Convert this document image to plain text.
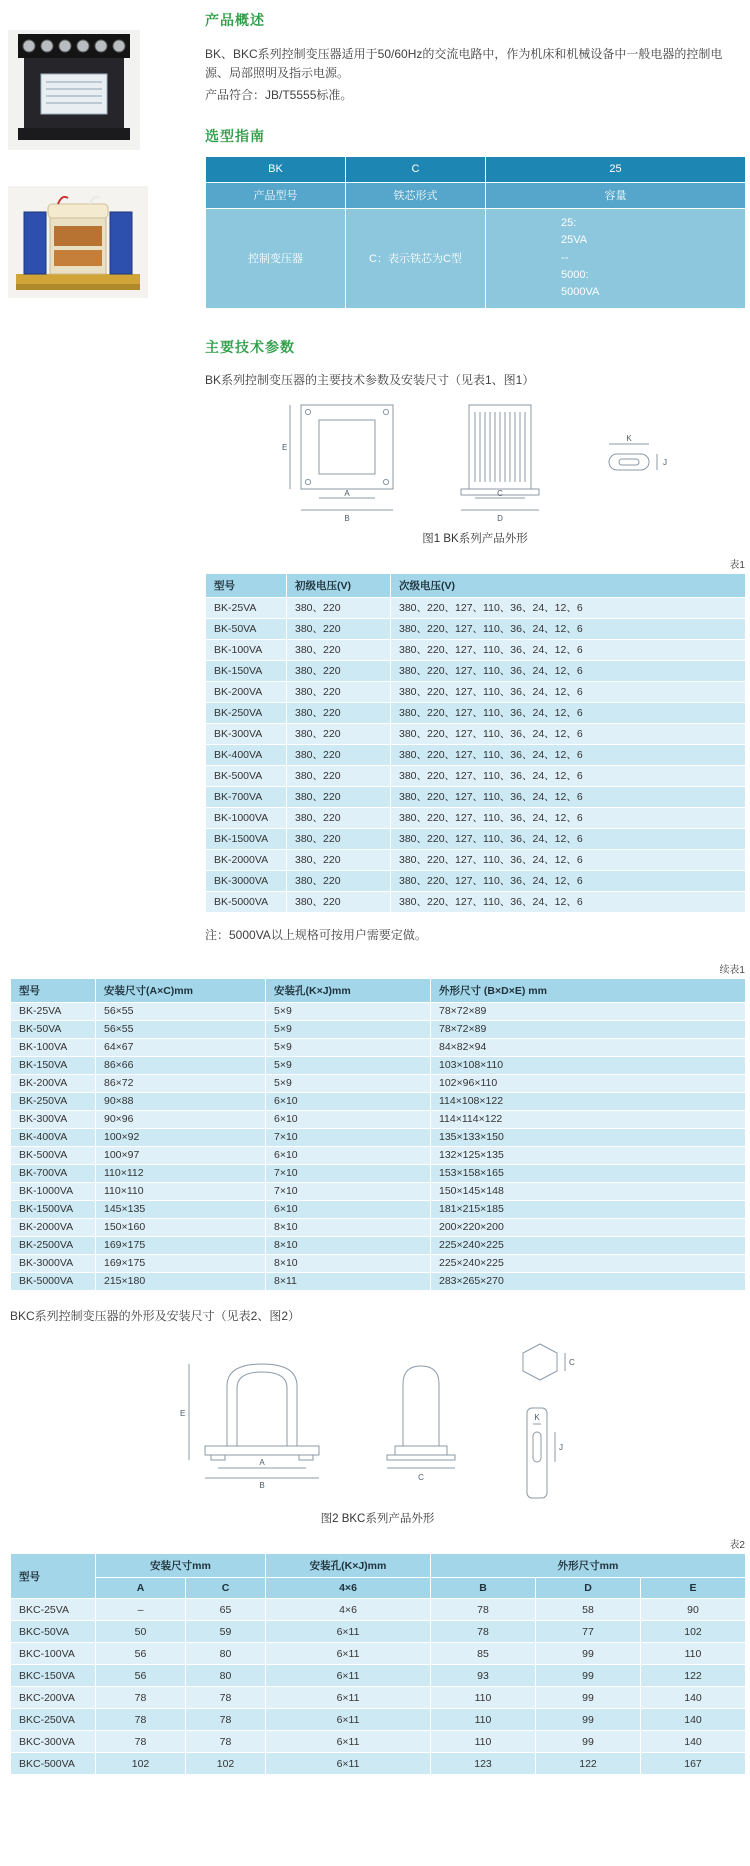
产品概述

BK、BKC系列控制变压器适用于50/60Hz的交流电路中，作为机床和机械设备中一般电器的控制电源、局部照明及指示电源。

产品符合：JB/T5555标准。

选型指南
BK	C	25
产品型号	铁芯形式	容量
控制变压器	C：表示铁芯为C型	25:
25VA
--
5000:
5000VA
主要技术参数

BK系列控制变压器的主要技术参数及安装尺寸（见表1、图1）

E
A
B
C
D
K
J
图1 BK系列产品外形
表1
型号	初级电压(V)	次级电压(V)
BK-25VA	380、220	380、220、127、110、36、24、12、6
BK-50VA	380、220	380、220、127、110、36、24、12、6
BK-100VA	380、220	380、220、127、110、36、24、12、6
BK-150VA	380、220	380、220、127、110、36、24、12、6
BK-200VA	380、220	380、220、127、110、36、24、12、6
BK-250VA	380、220	380、220、127、110、36、24、12、6
BK-300VA	380、220	380、220、127、110、36、24、12、6
BK-400VA	380、220	380、220、127、110、36、24、12、6
BK-500VA	380、220	380、220、127、110、36、24、12、6
BK-700VA	380、220	380、220、127、110、36、24、12、6
BK-1000VA	380、220	380、220、127、110、36、24、12、6
BK-1500VA	380、220	380、220、127、110、36、24、12、6
BK-2000VA	380、220	380、220、127、110、36、24、12、6
BK-3000VA	380、220	380、220、127、110、36、24、12、6
BK-5000VA	380、220	380、220、127、110、36、24、12、6

注：5000VA以上规格可按用户需要定做。

续表1
型号	安装尺寸(A×C)mm	安装孔(K×J)mm	外形尺寸 (B×D×E) mm
BK-25VA	56×55	5×9	78×72×89
BK-50VA	56×55	5×9	78×72×89
BK-100VA	64×67	5×9	84×82×94
BK-150VA	86×66	5×9	103×108×110
BK-200VA	86×72	5×9	102×96×110
BK-250VA	90×88	6×10	114×108×122
BK-300VA	90×96	6×10	114×114×122
BK-400VA	100×92	7×10	135×133×150
BK-500VA	100×97	6×10	132×125×135
BK-700VA	110×112	7×10	153×158×165
BK-1000VA	110×110	7×10	150×145×148
BK-1500VA	145×135	6×10	181×215×185
BK-2000VA	150×160	8×10	200×220×200
BK-2500VA	169×175	8×10	225×240×225
BK-3000VA	169×175	8×10	225×240×225
BK-5000VA	215×180	8×11	283×265×270

BKC系列控制变压器的外形及安装尺寸（见表2、图2）

E
A
B
C
C
K
J
图2 BKC系列产品外形
表2
型号	安装尺寸mm		安装孔(K×J)mm	外形尺寸mm		
	A	C	4×6	B	D	E
BKC-25VA	–	65	4×6	78	58	90
BKC-50VA	50	59	6×11	78	77	102
BKC-100VA	56	80	6×11	85	99	110
BKC-150VA	56	80	6×11	93	99	122
BKC-200VA	78	78	6×11	110	99	140
BKC-250VA	78	78	6×11	110	99	140
BKC-300VA	78	78	6×11	110	99	140
BKC-500VA	102	102	6×11	123	122	167
